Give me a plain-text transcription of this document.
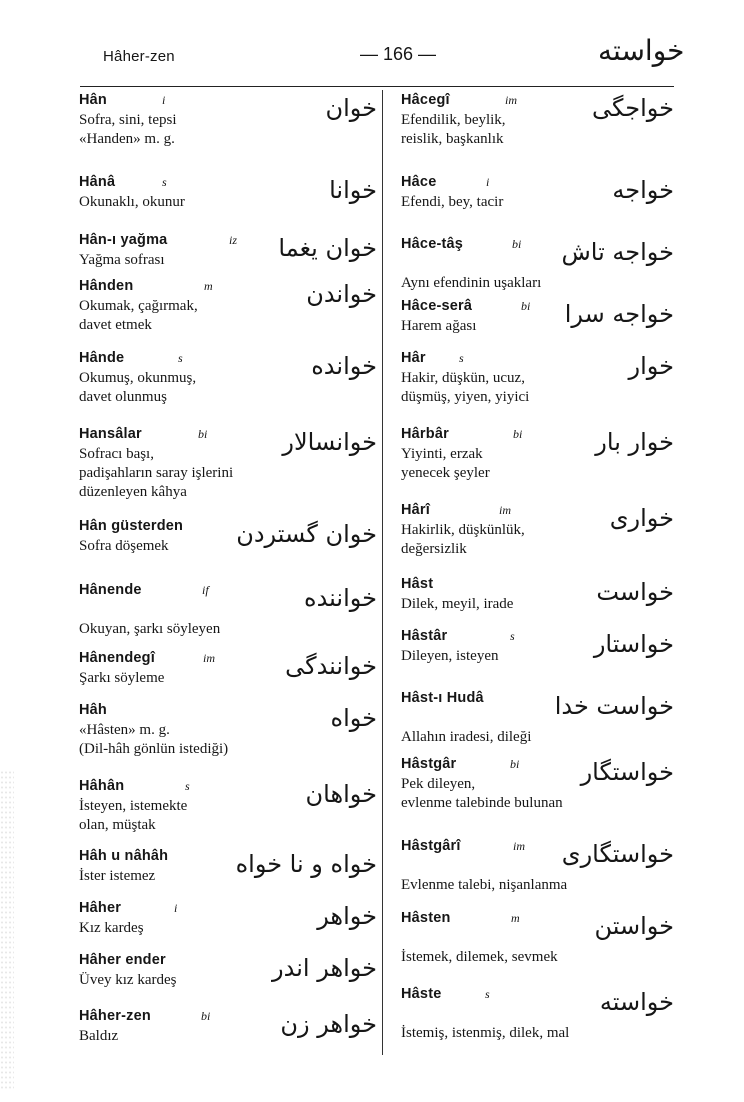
Hâher-zen	— 166 —	خواسته
Hân	i	خوان
Sofra, sini, tepsi
«Handen» m. g.
Hânâ	s	خوانا
Okunaklı, okunur
Hân-ı yağma	iz خوان يغما
Yağma sofrası
Hânden	m	خواندن
Okumak, çağırmak,
davet etmek
Hânde	s	خوانده
Okumuş, okunmuş,
davet olunmuş
Hansâlar	bi	خوانسالار
Sofracı başı,
padişahların saray işlerini
düzenleyen kâhya
Hân güsterden خوان گستردن
Sofra döşemek
Hânende	if	خواننده
Okuyan, şarkı söyleyen
Hânendegî	im	خوانندگی
Şarkı söyleme
Hâh	خواه
«Hâsten» m. g.
(Dil-hâh gönlün istediği)
Hâhân	s	خواهان
İsteyen, istemekte
olan, müştak
Hâh u nâhâh	خواه و نا خواه
İster istemez
Hâher	i	خواهر
Kız kardeş
Hâher ender	خواهر اندر
Üvey kız kardeş
Hâher-zen	bi	خواهر زن
Baldız
Hâcegî	im	خواجگى
Efendilik, beylik,
reislik, başkanlık
Hâce	i	خواجه
Efendi, bey, tacir
Hâce-tâş	bi خواجه تاش
Aynı efendinin uşakları
Hâce-serâ	bi خواجه سرا
Harem ağası
Hâr	s	خوار
Hakir, düşkün, ucuz,
düşmüş, yiyen, yiyici
Hârbâr	bi	خوار بار
Yiyinti, erzak
yenecek şeyler
Hârî	im	خوارى
Hakirlik, düşkünlük,
değersizlik
Hâst	خواست
Dilek, meyil, irade
Hâstâr	s	خواستار
Dileyen, isteyen
Hâst-ı Hudâ	خواست خدا
Allahın iradesi, dileği
Hâstgâr	bi	خواستگار
Pek dileyen,
evlenme talebinde bulunan
Hâstgârî	im خواستگارى
Evlenme talebi, nişanlanma
Hâsten	m	خواستن
İstemek, dilemek, sevmek
Hâste	s	خواسته
İstemiş, istenmiş, dilek, mal
